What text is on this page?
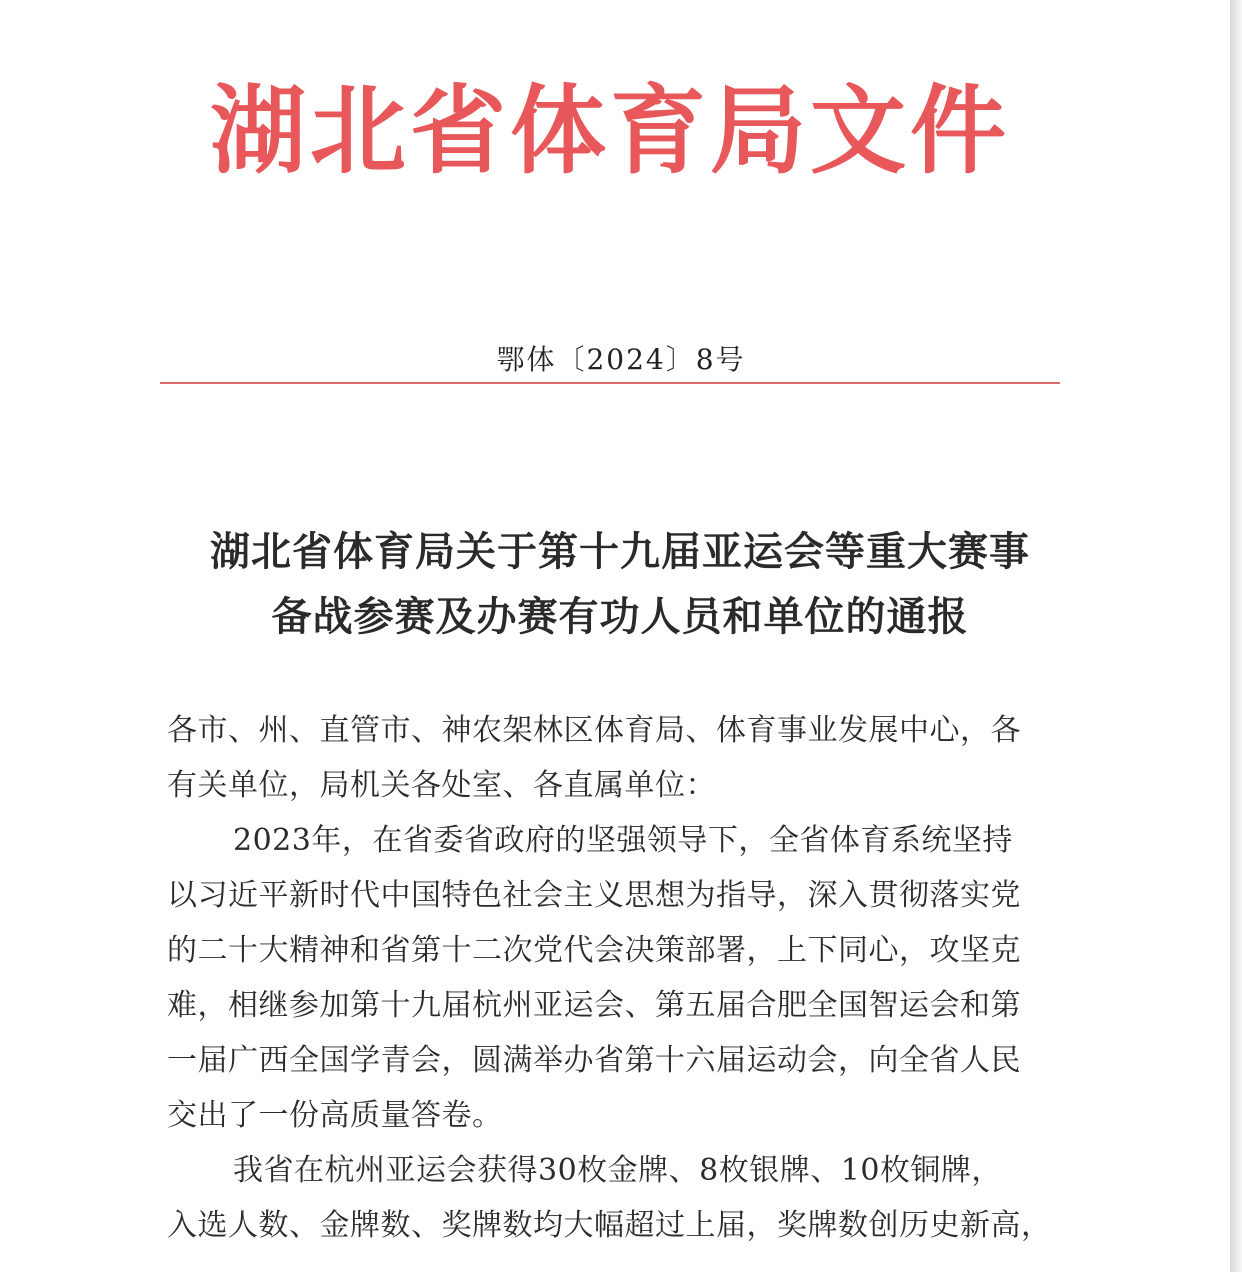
湖北省体育局文件
鄂体〔2024〕8号
湖北省体育局关于第十九届亚运会等重大赛事
备战参赛及办赛有功人员和单位的通报
各市、州、直管市、神农架林区体育局、体育事业发展中心，各
有关单位，局机关各处室、各直属单位：
2023年，在省委省政府的坚强领导下，全省体育系统坚持
以习近平新时代中国特色社会主义思想为指导，深入贯彻落实党
的二十大精神和省第十二次党代会决策部署，上下同心，攻坚克
难，相继参加第十九届杭州亚运会、第五届合肥全国智运会和第
一届广西全国学青会，圆满举办省第十六届运动会，向全省人民
交出了一份高质量答卷。
我省在杭州亚运会获得30枚金牌、8枚银牌、10枚铜牌，
入选人数、金牌数、奖牌数均大幅超过上届，奖牌数创历史新高，
